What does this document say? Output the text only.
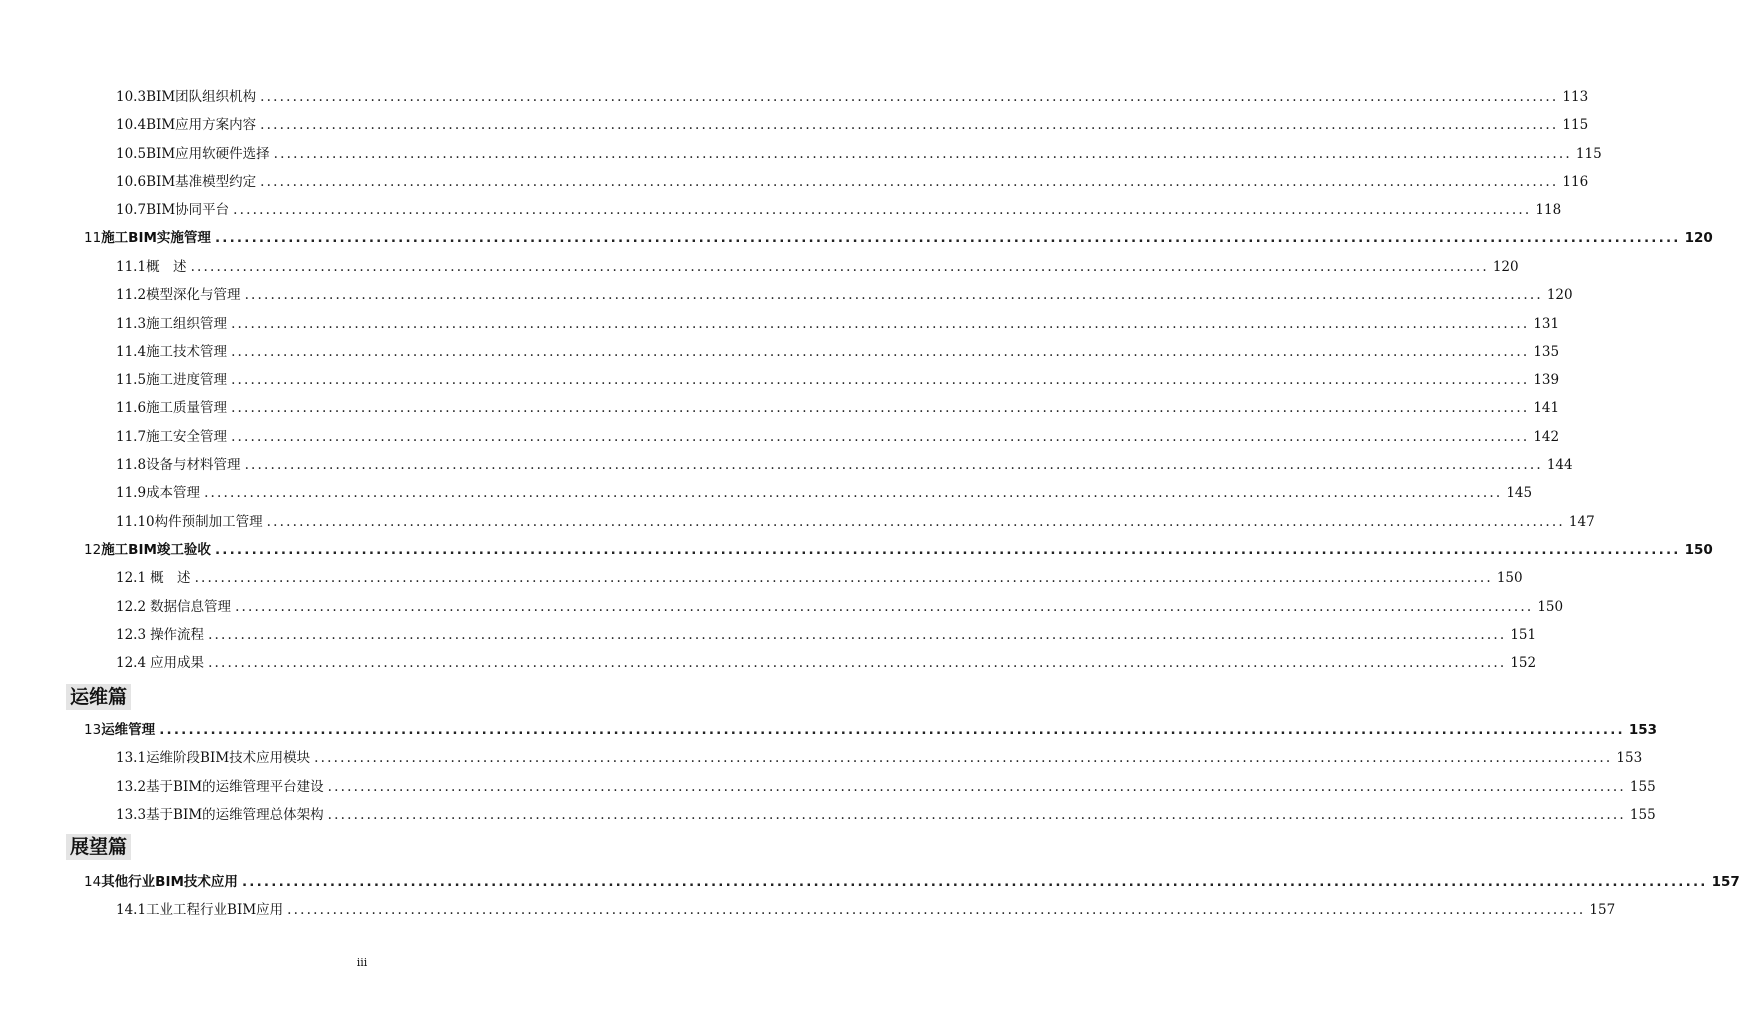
运维篇
展望篇
10.3 BIM团队组织机构 ........................................................................................................................................................................................................ 113
10.4 BIM应用方案内容 ........................................................................................................................................................................................................ 115
10.5 BIM应用软硬件选择 ........................................................................................................................................................................................................ 115
10.6 BIM基准模型约定 ........................................................................................................................................................................................................ 116
10.7 BIM协同平台 ........................................................................................................................................................................................................ 118
11 施工BIM实施管理 ........................................................................................................................................................................................................ 120
11.1 概　述 ........................................................................................................................................................................................................ 120
11.2 模型深化与管理 ........................................................................................................................................................................................................ 120
11.3 施工组织管理 ........................................................................................................................................................................................................ 131
11.4 施工技术管理 ........................................................................................................................................................................................................ 135
11.5 施工进度管理 ........................................................................................................................................................................................................ 139
11.6 施工质量管理 ........................................................................................................................................................................................................ 141
11.7 施工安全管理 ........................................................................................................................................................................................................ 142
11.8 设备与材料管理 ........................................................................................................................................................................................................ 144
11.9 成本管理 ........................................................................................................................................................................................................ 145
11.10 构件预制加工管理 ........................................................................................................................................................................................................ 147
12 施工BIM竣工验收 ........................................................................................................................................................................................................ 150
12.1 概　述 ........................................................................................................................................................................................................ 150
12.2 数据信息管理 ........................................................................................................................................................................................................ 150
12.3 操作流程 ........................................................................................................................................................................................................ 151
12.4 应用成果 ........................................................................................................................................................................................................ 152
13 运维管理 ........................................................................................................................................................................................................ 153
13.1 运维阶段BIM技术应用模块 ........................................................................................................................................................................................................ 153
13.2 基于BIM的运维管理平台建设 ........................................................................................................................................................................................................ 155
13.3 基于BIM的运维管理总体架构 ........................................................................................................................................................................................................ 155
14 其他行业BIM技术应用 ........................................................................................................................................................................................................ 157
14.1 工业工程行业BIM应用 ........................................................................................................................................................................................................ 157
iii
